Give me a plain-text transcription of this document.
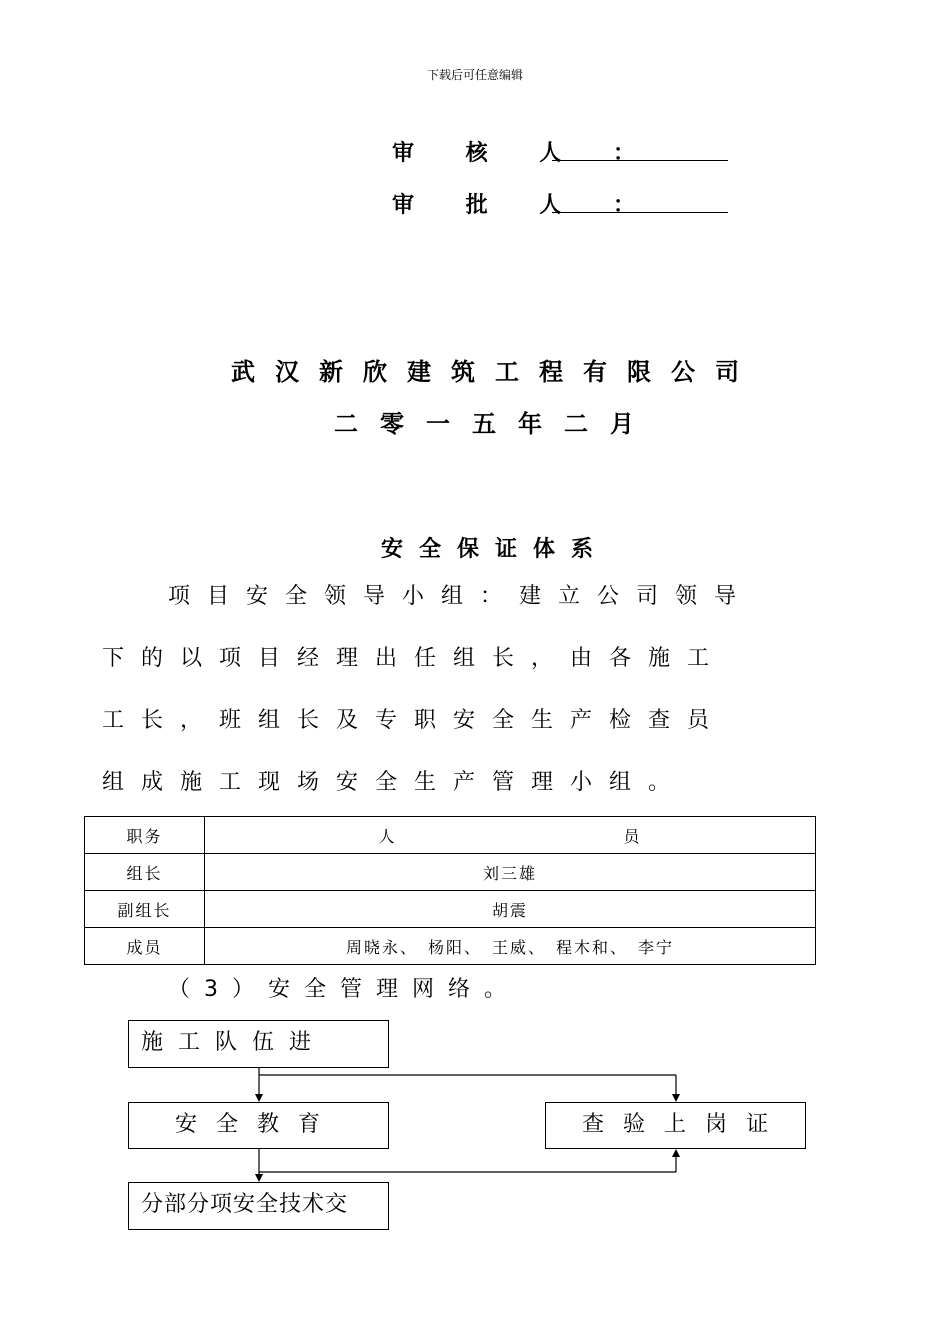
下载后可任意编辑
审 核 人 ：
审 批 人 ：
武汉新欣建筑工程有限公司
二零一五年二月
安全保证体系
项目安全领导小组：建立公司领导
下的以项目经理出任组长，由各施工
工长，班组长及专职安全生产检查员
组成施工现场安全生产管理小组。
职务	人 员
组长	刘三雄
副组长	胡震
成员	周晓永、　杨阳、　王威、　程木和、　李宁
（3）安全管理网络。
施 工 队 伍 进
安 全 教 育	查 验 上 岗 证
分部分项安全技术交
